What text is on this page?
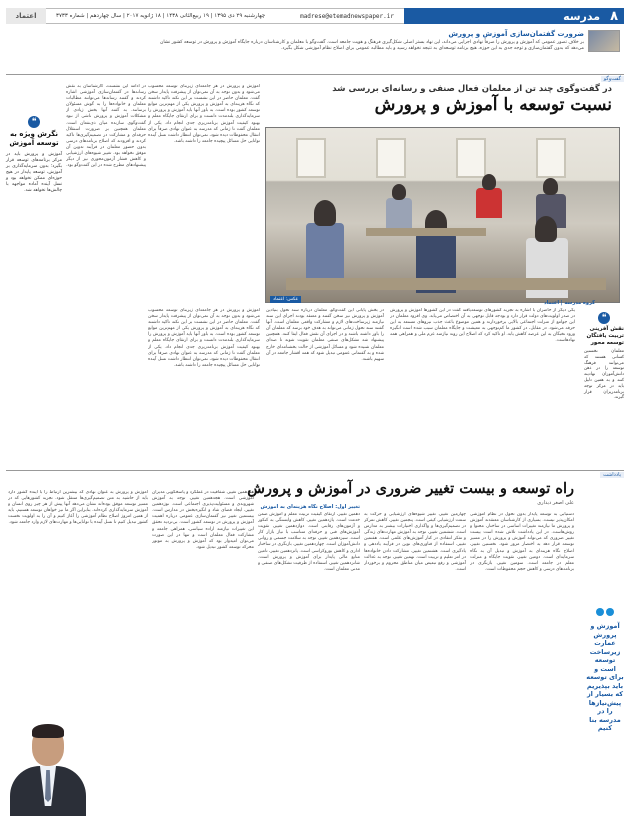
۸
مدرسه
madrese@etemadnewspaper.ir
چهارشنبه ۲۹ دی ۱۳۹۵ | ۱۹ ربیع‌الثانی ۱۴۳۸ | ۱۸ ژانویه ۲۰۱۷ | سال چهاردهم | شماره ۳۷۳۳
اعتماد
ضرورت گفتمان‌سازی آموزش و پرورش
بر خلاف تصور عمومی که آموزش و پرورش را صرفاً نهادی اجرایی می‌داند، این نهاد بستر اصلی شکل‌گیری فرهنگ و هویت جامعه است. گفت‌وگو با معلمان و کارشناسان درباره جایگاه آموزش و پرورش در توسعه کشور نشان می‌دهد که بدون گفتمان‌سازی و توجه جدی به این حوزه، هیچ برنامه توسعه‌ای به نتیجه نخواهد رسید و باید مطالبه عمومی برای اصلاح نظام آموزشی شکل بگیرد.
گفت‌وگو
در گفت‌وگوی چند تن از معلمان فعال صنفی و رسانه‌ای بررسی شد
نسبت توسعه با آموزش و پرورش
آموزش و پرورش در هر جامعه‌ای زیربنای توسعه محسوب می‌شود و بدون توجه به آن نمی‌توان از پیشرفت پایدار سخن گفت. معلمان حاضر در این نشست بر این نکته تاکید داشتند که نگاه هزینه‌ای به آموزش و پرورش یکی از مهم‌ترین موانع توسعه کشور بوده است. به باور آنها باید آموزش و پرورش را سرمایه‌گذاری بلندمدت دانست و برای ارتقای جایگاه معلم و بهبود کیفیت آموزش برنامه‌ریزی جدی انجام داد. یکی از معلمان گفت تا زمانی که مدرسه به عنوان نهادی صرفاً برای انتقال محفوظات دیده شود، نمی‌توان انتظار داشت نسل آینده توانایی حل مسائل پیچیده جامعه را داشته باشد.
در ادامه این نشست، کارشناسان به نقش رسانه‌ها در گفتمان‌سازی آموزشی اشاره کردند و گفتند رسانه‌ها می‌توانند مطالبات معلمان و خانواده‌ها را به گوش مسئولان برسانند. به گفته آنها بخش زیادی از مشکلات آموزش و پرورش ناشی از نبود گفت‌وگوی سازنده میان ذی‌نفعان است. معلمان همچنین بر ضرورت استقلال حرفه‌ای و مشارکت در تصمیم‌گیری‌ها تاکید کردند و افزودند که اصلاح برنامه‌های درسی بدون حضور معلمان در فرآیند تدوین آن موفق نخواهد بود. تغییر شیوه‌های ارزشیابی و کاهش فشار آزمون‌محوری نیز از دیگر پیشنهادهای مطرح شده در این گفت‌وگو بود.
عکس: اعتماد
یکی دیگر از حاضران با اشاره به تجربه کشورهای توسعه‌یافته گفت در این کشورها آموزش و پرورش در صدر اولویت‌های دولت قرار دارد و بودجه قابل توجهی به آن اختصاص می‌یابد. وی افزود معلمان در این جوامع از منزلت اجتماعی بالایی برخوردارند و همین موضوع باعث جذب نیروهای مستعد به این حرفه می‌شود. در مقابل، در کشور ما کم‌توجهی به معیشت و جایگاه معلمان سبب شده است انگیزه ورود نخبگان به این عرصه کاهش یابد. او تاکید کرد که اصلاح این روند نیازمند عزم ملی و همراهی همه نهادهاست.
در بخش پایانی این گفت‌وگو، معلمان درباره سند تحول بنیادین آموزش و پرورش نیز سخن گفتند و معتقد بودند اجرای این سند نیازمند زیرساخت‌های لازم و مشارکت واقعی معلمان است. آنها گفتند سند تحول زمانی می‌تواند به هدف خود برسد که معلمان آن را باور داشته باشند و در اجرای آن نقش فعال ایفا کنند. همچنین پیشنهاد شد تشکل‌های صنفی معلمان تقویت شوند تا صدای معلمان شنیده شود و مسائل آموزشی از حالت بخشنامه‌ای خارج شده و به گفتمانی عمومی تبدیل شود که همه اقشار جامعه در آن سهیم باشند.
آموزش و پرورش در هر جامعه‌ای زیربنای توسعه محسوب می‌شود و بدون توجه به آن نمی‌توان از پیشرفت پایدار سخن گفت. معلمان حاضر در این نشست بر این نکته تاکید داشتند که نگاه هزینه‌ای به آموزش و پرورش یکی از مهم‌ترین موانع توسعه کشور بوده است. به باور آنها باید آموزش و پرورش را سرمایه‌گذاری بلندمدت دانست و برای ارتقای جایگاه معلم و بهبود کیفیت آموزش برنامه‌ریزی جدی انجام داد. یکی از معلمان گفت تا زمانی که مدرسه به عنوان نهادی صرفاً برای انتقال محفوظات دیده شود، نمی‌توان انتظار داشت نسل آینده توانایی حل مسائل پیچیده جامعه را داشته باشد.
گروه مدرسه | اعتماد
❝
نگرش ویژه به توسعه آموزش
آموزش و پرورش باید در مرکز برنامه‌های توسعه قرار بگیرد؛ بدون سرمایه‌گذاری بر آموزش، توسعه پایدار در هیچ حوزه‌ای ممکن نخواهد بود و نسل آینده آماده مواجهه با چالش‌ها نخواهد شد.
❝
نقش آفرینی تربیت یافتگان توسعه محور
معلمان نخستین کسانی هستند که می‌توانند فرهنگ توسعه را در ذهن دانش‌آموزان نهادینه کنند و به همین دلیل باید در مرکز توجه برنامه‌ریزان قرار گیرند.
یادداشت
راه توسعه و بیست تغییر ضروری در آموزش و پرورش
علی اصغر دیداری
دستیابی به توسعه پایدار بدون تحول در نظام آموزشی امکان‌پذیر نیست. بسیاری از کارشناسان معتقدند آموزش و پرورش ما نیازمند تغییرات اساسی در ساختار، محتوا و روش‌هاست. در این یادداشت تلاش شده است بیست تغییر ضروری که می‌تواند آموزش و پرورش را در مسیر توسعه قرار دهد به اختصار مرور شود. نخستین تغییر، اصلاح نگاه هزینه‌ای به آموزش و تبدیل آن به نگاه سرمایه‌ای است. دومین تغییر، تقویت جایگاه و منزلت معلم در جامعه است. سومین تغییر، بازنگری در برنامه‌های درسی و کاهش حجم محفوظات است.
چهارمین تغییر، تغییر شیوه‌های ارزشیابی و حرکت به سمت ارزشیابی کیفی است. پنجمین تغییر، کاهش تمرکز در تصمیم‌گیری‌ها و واگذاری اختیارات بیشتر به مدارس است. ششمین تغییر، توجه به آموزش مهارت‌های زندگی و تفکر انتقادی در کنار آموزش‌های علمی است. هفتمین تغییر، استفاده از فناوری‌های نوین در فرآیند یاددهی و یادگیری است. هشتمین تغییر، مشارکت دادن خانواده‌ها در امر تعلیم و تربیت است. نهمین تغییر، توجه به عدالت آموزشی و رفع تبعیض میان مناطق محروم و برخوردار است.
دهمین تغییر، ارتقای کیفیت تربیت معلم و آموزش ضمن خدمت است. یازدهمین تغییر، کاهش وابستگی به کنکور و آزمون‌های رقابتی است. دوازدهمین تغییر، تقویت آموزش‌های فنی و حرفه‌ای متناسب با نیاز بازار کار است. سیزدهمین تغییر، توجه به سلامت جسمی و روانی دانش‌آموزان است. چهاردهمین تغییر، بازنگری در ساختار اداری و کاهش بوروکراسی است. پانزدهمین تغییر، تامین منابع مالی پایدار برای آموزش و پرورش است. شانزدهمین تغییر، استفاده از ظرفیت تشکل‌های صنفی و مدنی معلمان است.
تغییر اول: اصلاح نگاه هزینه‌ای به آموزش
هفدهمین تغییر، شفافیت در عملکرد و پاسخگویی مدیران آموزشی است. هجدهمین تغییر، توجه به آموزش شهروندی و مسئولیت‌پذیری اجتماعی است. نوزدهمین تغییر، ایجاد فضای شاد و انگیزه‌بخش در مدارس است. بیستمین تغییر نیز گفتمان‌سازی عمومی درباره اهمیت آموزش و پرورش در توسعه کشور است. بی‌تردید تحقق این تغییرات نیازمند اراده سیاسی، همراهی جامعه و مشارکت فعال معلمان است و تنها در این صورت می‌توان امیدوار بود که آموزش و پرورش به موتور محرکه توسعه کشور تبدیل شود.
آموزش و پرورش به عنوان نهادی که بیشترین ارتباط را با آینده کشور دارد باید از حاشیه به متن تصمیم‌گیری‌ها منتقل شود. تجربه کشورهایی که در مسیر توسعه موفق بوده‌اند نشان می‌دهد آنها پیش از هر چیز روی انسان و آموزش سرمایه‌گذاری کرده‌اند. بنابراین اگر ما نیز خواهان توسعه هستیم، باید از همین امروز اصلاح نظام آموزشی را آغاز کنیم و آن را به اولویت نخست کشور تبدیل کنیم تا نسل آینده با توانایی‌ها و مهارت‌های لازم وارد جامعه شود.
آموزش و پرورش عمارت زیرساخت توسعه است و برای توسعه باید بپذیریم که بسیار از پیش‌نیازها را در مدرسه بنا کنیم
